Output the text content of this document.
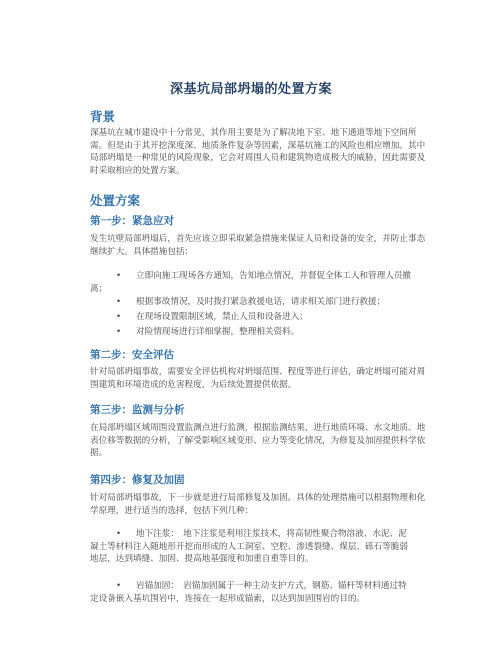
深基坑局部坍塌的处置方案
背景
深基坑在城市建设中十分常见，其作用主要是为了解决地下室、地下通道等地下空间所需。但是由于其开挖深度深、地质条件复杂等因素，深基坑施工的风险也相应增加。其中局部坍塌是一种常见的风险现象，它会对周围人员和建筑物造成极大的威胁，因此需要及时采取相应的处置方案。
处置方案
第一步：紧急应对
发生坑壁局部坍塌后，首先应该立即采取紧急措施来保证人员和设备的安全，并防止事态继续扩大。具体措施包括：
•	立即向施工现场各方通知，告知地点情况，并督促全体工人和管理人员撤离；
•	根据事故情况，及时拨打紧急救援电话，请求相关部门进行救援；
•	在现场设置限制区域，禁止人员和设备进入；
•	对险情现场进行详细掌握，整理相关资料。
第二步：安全评估
针对局部坍塌事故，需要安全评估机构对坍塌范围、程度等进行评估，确定坍塌可能对周围建筑和环境造成的危害程度，为后续处置提供依据。
第三步：监测与分析
在局部坍塌区域周围设置监测点进行监测，根据监测结果，进行地质环境、水文地质、地表位移等数据的分析，了解受影响区域变形、应力等变化情况，为修复及加固提供科学依据。
第四步：修复及加固
针对局部坍塌事故，下一步就是进行局部修复及加固。具体的处理措施可以根据物理和化学原理，进行适当的选择，包括下列几种：
•	地下注浆：　地下注浆是利用注浆技术，将高韧性聚合物溶液、水泥、泥凝土等材料注入随地形开挖而形成的人工洞室、空腔、渗透裂缝、煤层、砾石等脆弱地层，达到填缝、加固、提高地基强度和加重自重等目的。
•	岩锚加固：　岩锚加固属于一种主动支护方式，钢筋、锚杆等材料通过特定设备嵌入基坑围岩中，连接在一起形成锚索，以达到加固围岩的目的。
